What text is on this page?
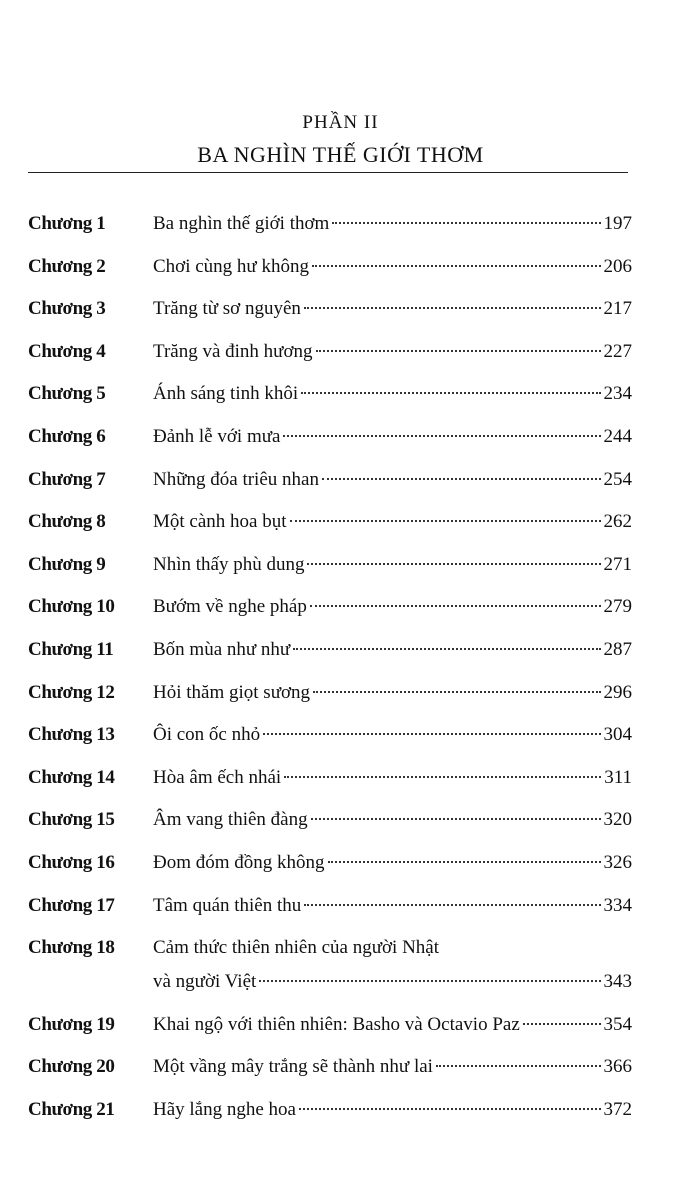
PHẦN II
BA NGHÌN THẾ GIỚI THƠM
Chương 1	Ba nghìn thế giới thơm	197
Chương 2	Chơi cùng hư không	206
Chương 3	Trăng từ sơ nguyên	217
Chương 4	Trăng và đinh hương	227
Chương 5	Ánh sáng tinh khôi	234
Chương 6	Đảnh lễ với mưa	244
Chương 7	Những đóa triêu nhan	254
Chương 8	Một cành hoa bụt	262
Chương 9	Nhìn thấy phù dung	271
Chương 10	Bướm về nghe pháp	279
Chương 11	Bốn mùa như như	287
Chương 12	Hỏi thăm giọt sương	296
Chương 13	Ôi con ốc nhỏ	304
Chương 14	Hòa âm ếch nhái	311
Chương 15	Âm vang thiên đàng	320
Chương 16	Đom đóm đồng không	326
Chương 17	Tâm quán thiên thu	334
Chương 18	Cảm thức thiên nhiên của người Nhật
và người Việt	343
Chương 19	Khai ngộ với thiên nhiên: Basho và Octavio Paz	354
Chương 20	Một vầng mây trắng sẽ thành như lai	366
Chương 21	Hãy lắng nghe hoa	372
